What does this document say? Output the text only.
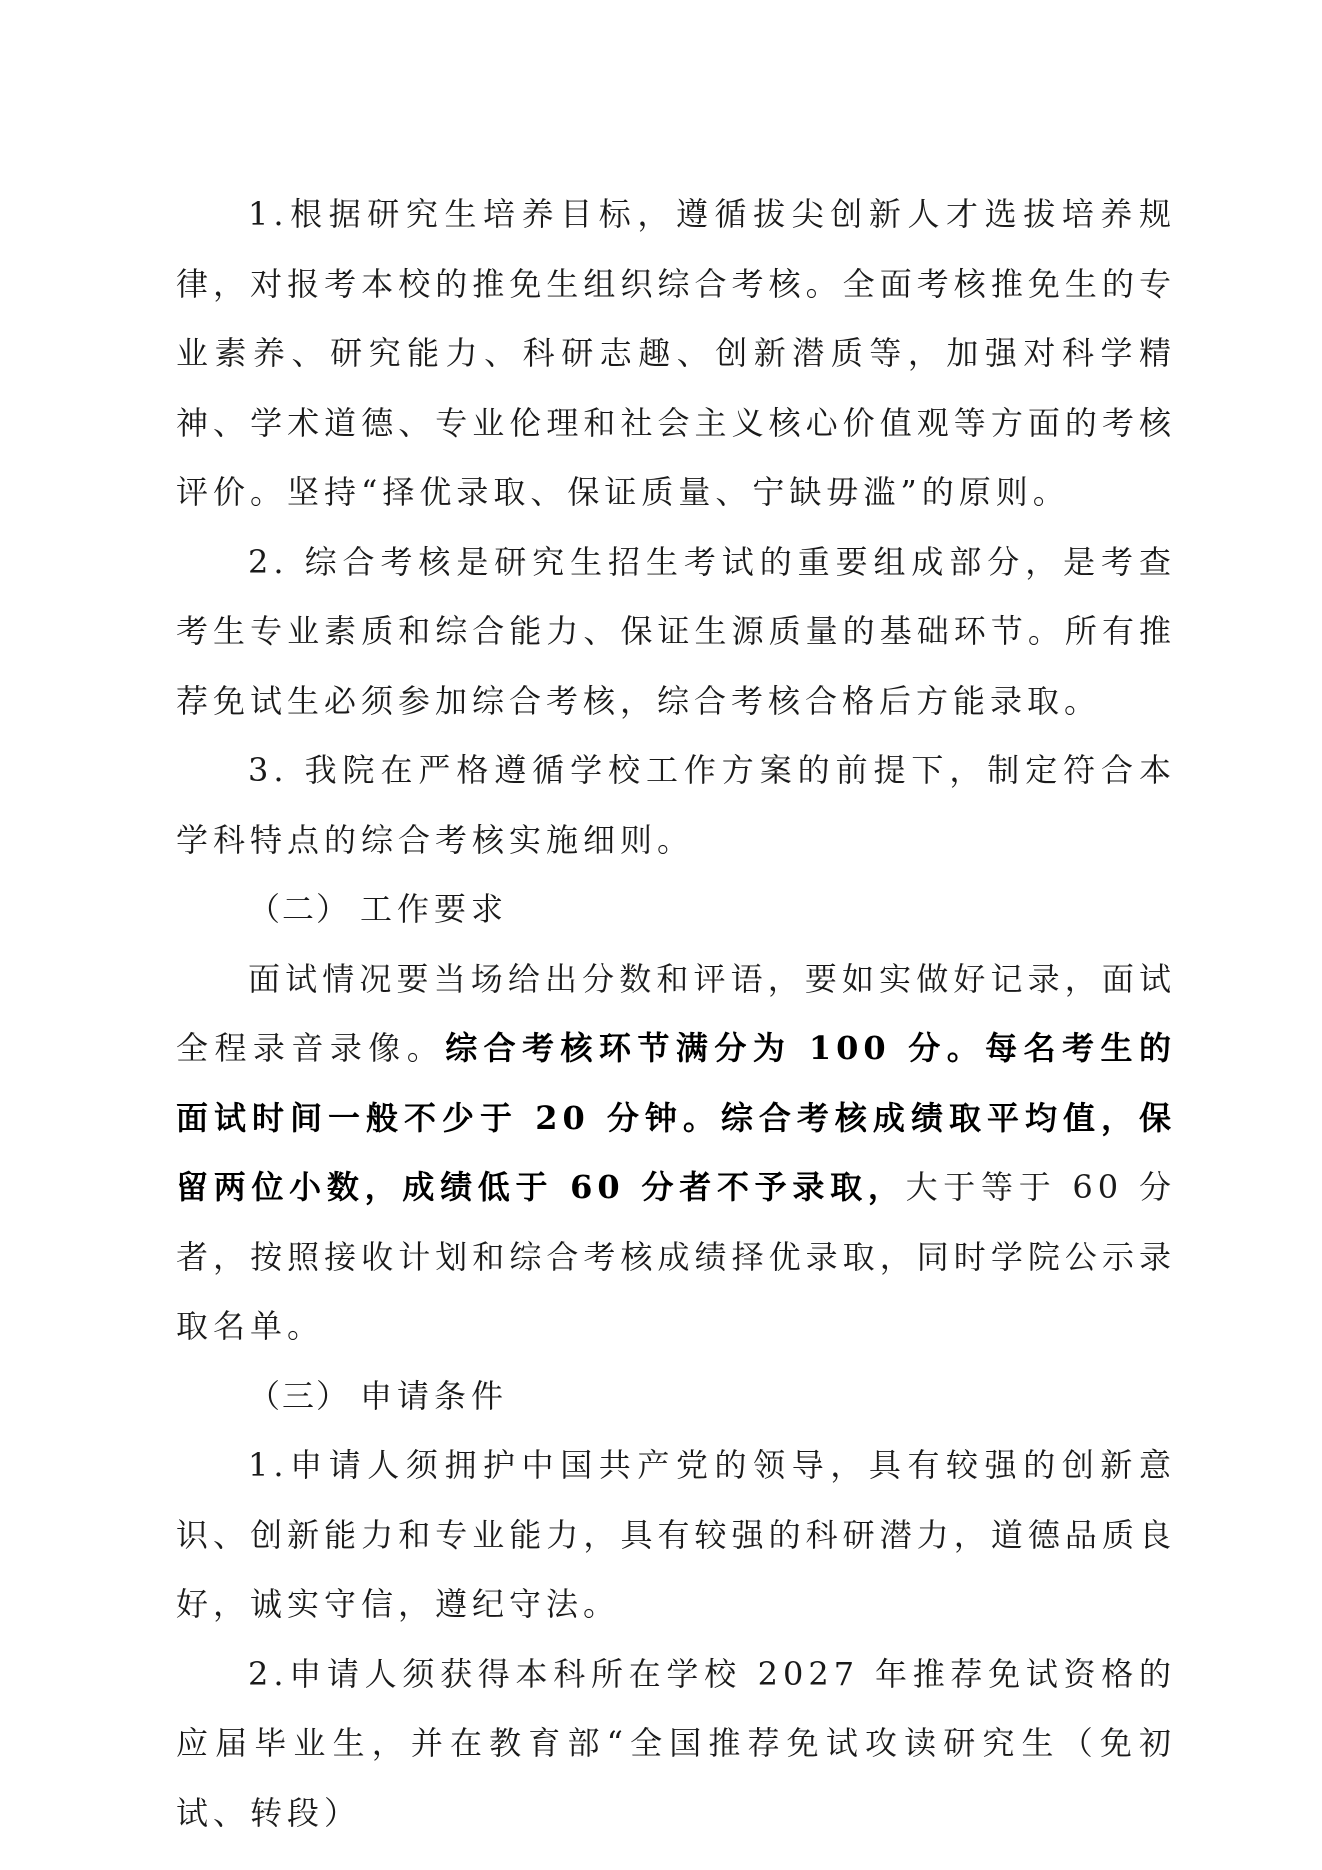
1.根据研究生培养目标，遵循拔尖创新人才选拔培养规律，对报考本校的推免生组织综合考核。全面考核推免生的专业素养、研究能力、科研志趣、创新潜质等，加强对科学精神、学术道德、专业伦理和社会主义核心价值观等方面的考核评价。坚持“择优录取、保证质量、宁缺毋滥”的原则。

2. 综合考核是研究生招生考试的重要组成部分，是考查考生专业素质和综合能力、保证生源质量的基础环节。所有推荐免试生必须参加综合考核，综合考核合格后方能录取。

3. 我院在严格遵循学校工作方案的前提下，制定符合本学科特点的综合考核实施细则。

（二） 工作要求

面试情况要当场给出分数和评语，要如实做好记录，面试全程录音录像。综合考核环节满分为 100 分。每名考生的面试时间一般不少于 20 分钟。综合考核成绩取平均值，保留两位小数，成绩低于 60 分者不予录取，大于等于 60 分者，按照接收计划和综合考核成绩择优录取，同时学院公示录取名单。

（三） 申请条件

1.申请人须拥护中国共产党的领导，具有较强的创新意识、创新能力和专业能力，具有较强的科研潜力，道德品质良好，诚实守信，遵纪守法。

2.申请人须获得本科所在学校 2027 年推荐免试资格的应届毕业生，并在教育部“全国推荐免试攻读研究生（免初试、转段）
